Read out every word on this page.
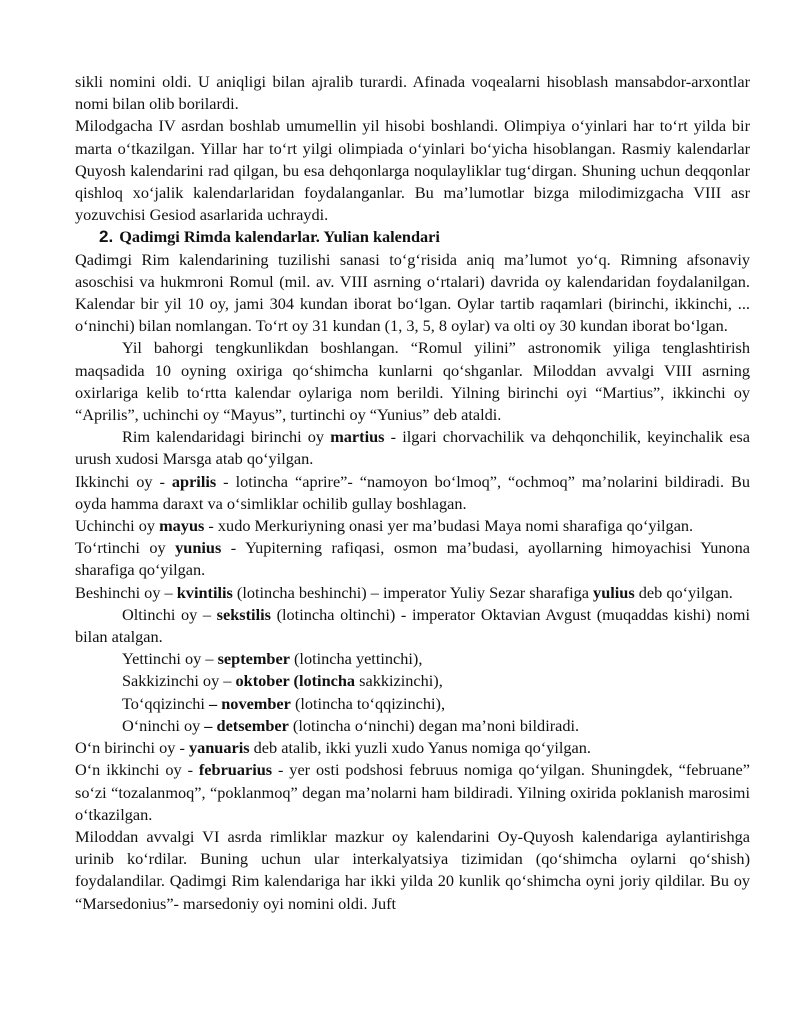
sikli nomini oldi. U aniqligi bilan ajralib turardi. Afinada voqealarni hisoblash mansabdor-arxontlar nomi bilan olib borilardi.

Milodgacha IV asrdan boshlab umumellin yil hisobi boshlandi. Olimpiya o‘yinlari har to‘rt yilda bir marta o‘tkazilgan. Yillar har to‘rt yilgi olimpiada o‘yinlari bo‘yicha hisoblangan. Rasmiy kalendarlar Quyosh kalendarini rad qilgan, bu esa dehqonlarga noqulayliklar tug‘dirgan. Shuning uchun deqqonlar qishloq xo‘jalik kalendarlaridan foydalanganlar. Bu ma’lumotlar bizga milodimizgacha VIII asr yozuvchisi Gesiod asarlarida uchraydi.

2. Qadimgi Rimda kalendarlar. Yulian kalendari

Qadimgi Rim kalendarining tuzilishi sanasi to‘g‘risida aniq ma’lumot yo‘q. Rimning afsonaviy asoschisi va hukmroni Romul (mil. av. VIII asrning o‘rtalari) davrida oy kalendaridan foydalanilgan. Kalendar bir yil 10 oy, jami 304 kundan iborat bo‘lgan. Oylar tartib raqamlari (birinchi, ikkinchi, ... o‘ninchi) bilan nomlangan. To‘rt oy 31 kundan (1, 3, 5, 8 oylar) va olti oy 30 kundan iborat bo‘lgan.

Yil bahorgi tengkunlikdan boshlangan. “Romul yilini” astronomik yiliga tenglashtirish maqsadida 10 oyning oxiriga qo‘shimcha kunlarni qo‘shganlar. Miloddan avvalgi VIII asrning oxirlariga kelib to‘rtta kalendar oylariga nom berildi. Yilning birinchi oyi “Martius”, ikkinchi oy “Aprilis”, uchinchi oy “Mayus”, turtinchi oy “Yunius” deb ataldi.

Rim kalendaridagi birinchi oy martius - ilgari chorvachilik va dehqonchilik, keyinchalik esa urush xudosi Marsga atab qo‘yilgan.

Ikkinchi oy - aprilis - lotincha “aprire”- “namoyon bo‘lmoq”, “ochmoq” ma’nolarini bildiradi. Bu oyda hamma daraxt va o‘simliklar ochilib gullay boshlagan.

Uchinchi oy mayus - xudo Merkuriyning onasi yer ma’budasi Maya nomi sharafiga qo‘yilgan.

To‘rtinchi oy yunius - Yupiterning rafiqasi, osmon ma’budasi, ayollarning himoyachisi Yunona sharafiga qo‘yilgan.

Beshinchi oy – kvintilis (lotincha beshinchi) – imperator Yuliy Sezar sharafiga yulius deb qo‘yilgan.

Oltinchi oy – sekstilis (lotincha oltinchi) - imperator Oktavian Avgust (muqaddas kishi) nomi bilan atalgan.

Yettinchi oy – september (lotincha yettinchi),

Sakkizinchi oy – oktober (lotincha sakkizinchi),

To‘qqizinchi – november (lotincha to‘qqizinchi),

O‘ninchi oy – detsember (lotincha o‘ninchi) degan ma’noni bildiradi.

O‘n birinchi oy - yanuaris deb atalib, ikki yuzli xudo Yanus nomiga qo‘yilgan.

O‘n ikkinchi oy - februarius - yer osti podshosi februus nomiga qo‘yilgan. Shuningdek, “februane” so‘zi “tozalanmoq”, “poklanmoq” degan ma’nolarni ham bildiradi. Yilning oxirida poklanish marosimi o‘tkazilgan.

Miloddan avvalgi VI asrda rimliklar mazkur oy kalendarini Oy-Quyosh kalendariga aylantirishga urinib ko‘rdilar. Buning uchun ular interkalyatsiya tizimidan (qo‘shimcha oylarni qo‘shish) foydalandilar. Qadimgi Rim kalendariga har ikki yilda 20 kunlik qo‘shimcha oyni joriy qildilar. Bu oy “Marsedonius”- marsedoniy oyi nomini oldi. Juft
